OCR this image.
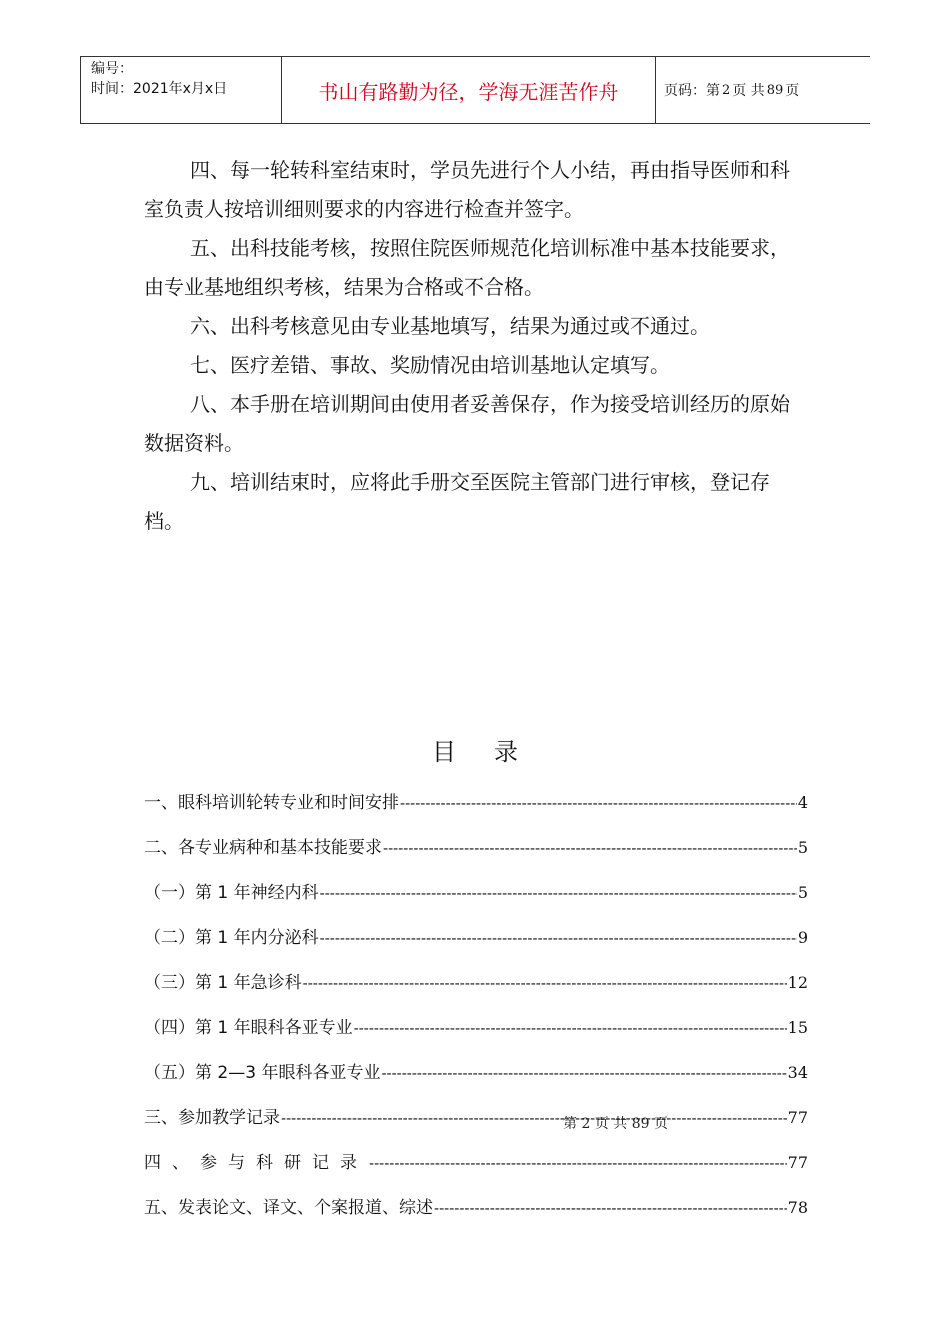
编号：
时间：2021年x月x日	书山有路勤为径，学海无涯苦作舟	页码：第 2 页 共 89 页

四、每一轮转科室结束时，学员先进行个人小结，再由指导医师和科室负责人按培训细则要求的内容进行检查并签字。

五、出科技能考核，按照住院医师规范化培训标准中基本技能要求，由专业基地组织考核，结果为合格或不合格。

六、出科考核意见由专业基地填写，结果为通过或不通过。

七、医疗差错、事故、奖励情况由培训基地认定填写。

八、本手册在培训期间由使用者妥善保存，作为接受培训经历的原始数据资料。

九、培训结束时，应将此手册交至医院主管部门进行审核，登记存档。

目录
一、眼科培训轮转专业和时间安排 -----	4
二、各专业病种和基本技能要求 -----	5
（一）第 1 年神经内科 -----	5
（二）第 1 年内分泌科 -----	9
（三）第 1 年急诊科 -----	12
（四）第 1 年眼科各亚专业 -----	15
（五）第 2—3 年眼科各亚专业 -----	34
三、参加教学记录 -----	77
四、参与科研记录 -----	77
五、发表论文、译文、个案报道、综述 -----	78
第 2 页 共 89 页
